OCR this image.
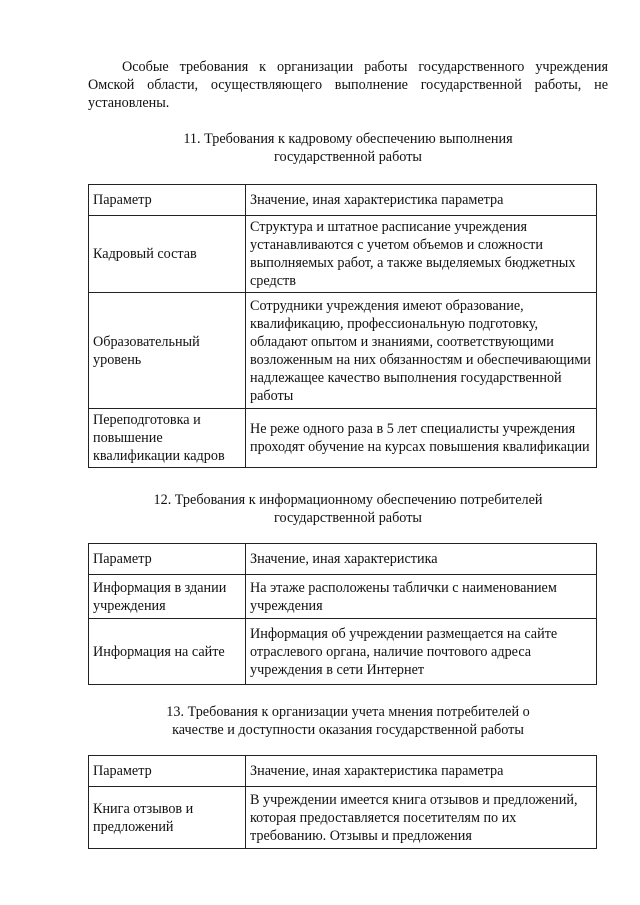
Особые требования к организации работы государственного учреждения Омской области, осуществляющего выполнение государственной работы, не установлены.
11. Требования к кадровому обеспечению выполнения
государственной работы
Параметр	Значение, иная характеристика параметра
Кадровый состав	Структура и штатное расписание учреждения устанавливаются с учетом объемов и сложности выполняемых работ, а также выделяемых бюджетных средств
Образовательный уровень	Сотрудники учреждения имеют образование, квалификацию, профессиональную подготовку, обладают опытом и знаниями, соответствующими возложенным на них обязанностям и обеспечивающими надлежащее качество выполнения государственной работы
Переподготовка и повышение квалификации кадров	Не реже одного раза в 5 лет специалисты учреждения проходят обучение на курсах повышения квалификации
12. Требования к информационному обеспечению потребителей
государственной работы
Параметр	Значение, иная характеристика
Информация в здании учреждения	На этаже расположены таблички с наименованием учреждения
Информация на сайте	Информация об учреждении размещается на сайте отраслевого органа, наличие почтового адреса учреждения в сети Интернет
13. Требования к организации учета мнения потребителей о
качестве и доступности оказания государственной работы
Параметр	Значение, иная характеристика параметра
Книга отзывов и предложений	В учреждении имеется книга отзывов и предложений, которая предоставляется посетителям по их требованию. Отзывы и предложения
